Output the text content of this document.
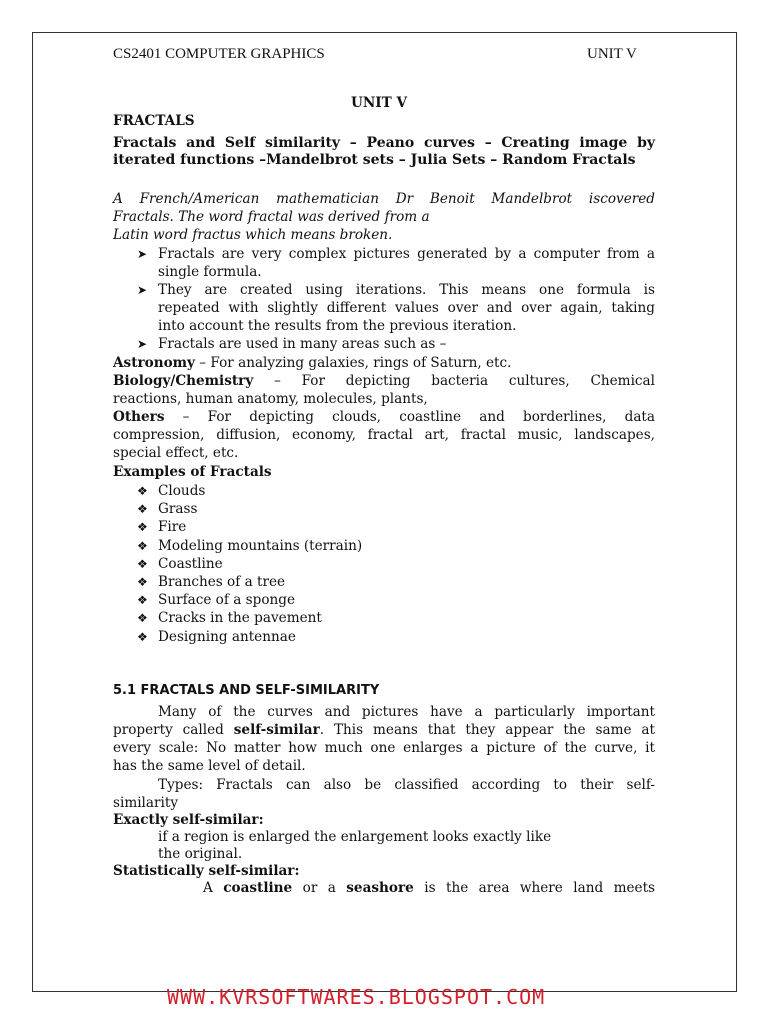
CS2401 COMPUTER GRAPHICS	UNIT V
UNIT V
FRACTALS
Fractals and Self similarity – Peano curves – Creating image by
iterated functions –Mandelbrot sets – Julia Sets – Random Fractals
A French/American mathematician Dr Benoit Mandelbrot iscovered
Fractals. The word fractal was derived from a
Latin word fractus which means broken.
➤ Fractals are very complex pictures generated by a computer from a
single formula.
➤ They are created using iterations. This means one formula is
repeated with slightly different values over and over again, taking
into account the results from the previous iteration.
➤ Fractals are used in many areas such as –
Astronomy – For analyzing galaxies, rings of Saturn, etc.
Biology/Chemistry – For depicting bacteria cultures, Chemical
reactions, human anatomy, molecules, plants,
Others – For depicting clouds, coastline and borderlines, data
compression, diffusion, economy, fractal art, fractal music, landscapes,
special effect, etc.
Examples of Fractals
❖ Clouds
❖ Grass
❖ Fire
❖ Modeling mountains (terrain)
❖ Coastline
❖ Branches of a tree
❖ Surface of a sponge
❖ Cracks in the pavement
❖ Designing antennae
5.1 FRACTALS AND SELF-SIMILARITY
Many of the curves and pictures have a particularly important
property called self-similar. This means that they appear the same at
every scale: No matter how much one enlarges a picture of the curve, it
has the same level of detail.
Types: Fractals can also be classified according to their self-
similarity
Exactly self-similar:
if a region is enlarged the enlargement looks exactly like
the original.
Statistically self-similar:
A coastline or a seashore is the area where land meets
WWW.KVRSOFTWARES.BLOGSPOT.COM
